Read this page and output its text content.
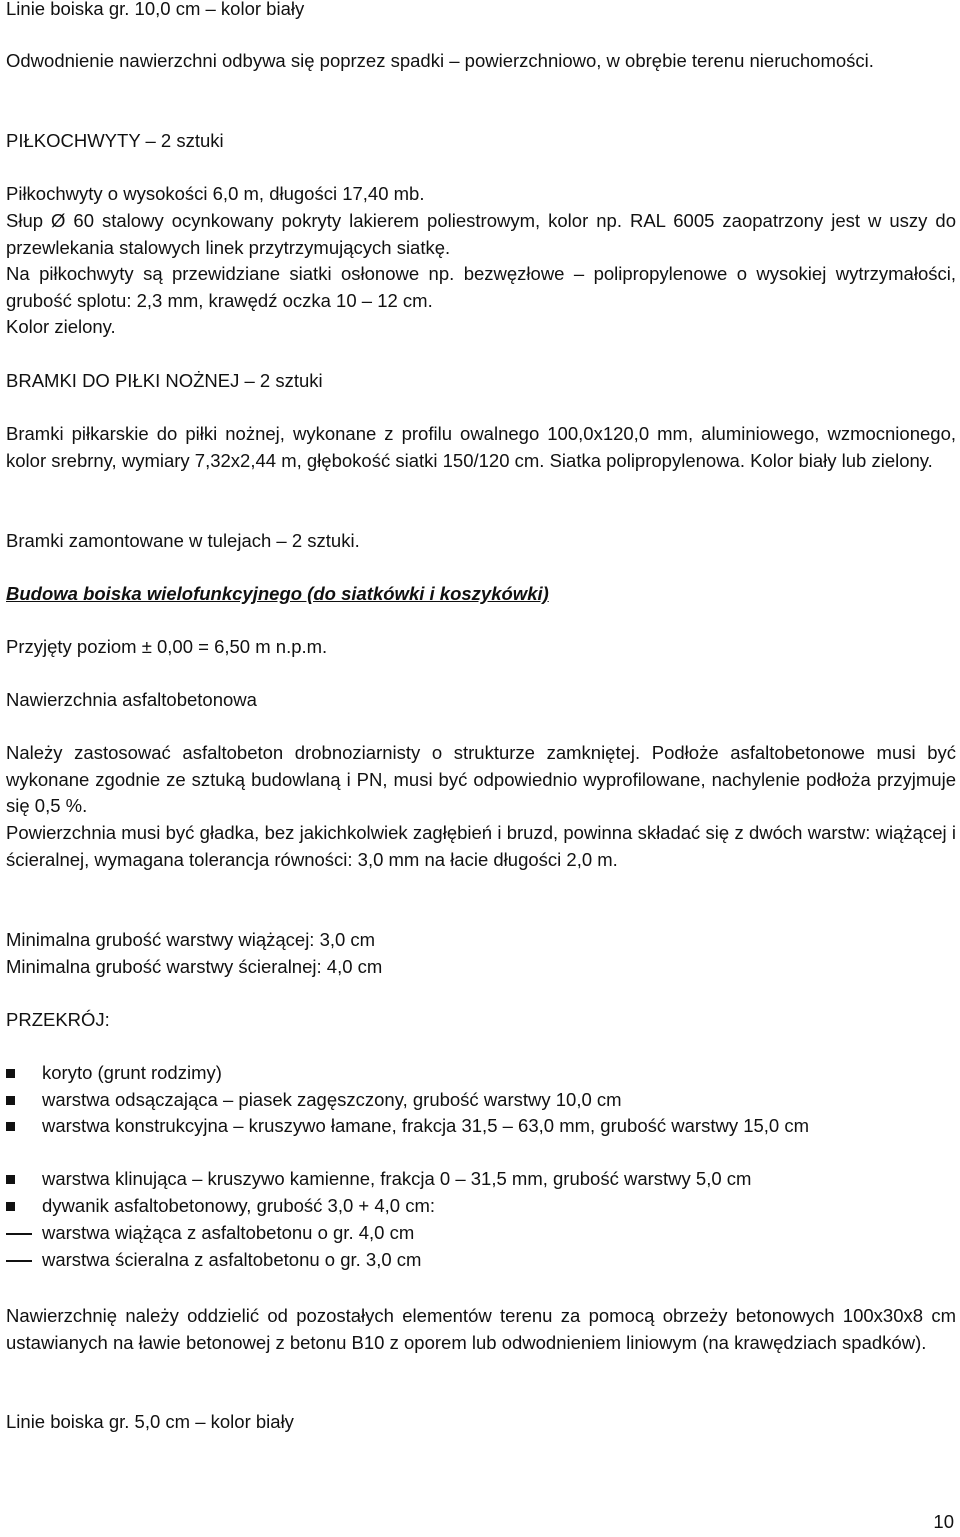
Linie boiska gr. 10,0 cm – kolor biały

Odwodnienie nawierzchni odbywa się poprzez spadki – powierzchniowo, w obrębie terenu nieruchomości.

PIŁKOCHWYTY – 2 sztuki

Piłkochwyty o wysokości 6,0 m, długości 17,40 mb.

Słup Ø 60 stalowy ocynkowany pokryty lakierem poliestrowym, kolor np. RAL 6005 zaopatrzony jest w uszy do przewlekania stalowych linek przytrzymujących siatkę.

Na piłkochwyty są przewidziane siatki osłonowe np. bezwęzłowe – polipropylenowe o wysokiej wytrzymałości, grubość splotu: 2,3 mm, krawędź oczka 10 – 12 cm.

Kolor zielony.

BRAMKI DO PIŁKI NOŻNEJ – 2 sztuki

Bramki piłkarskie do piłki nożnej, wykonane z profilu owalnego 100,0x120,0 mm, aluminiowego, wzmocnionego, kolor srebrny, wymiary 7,32x2,44 m, głębokość siatki 150/120 cm. Siatka polipropylenowa. Kolor biały lub zielony.

Bramki zamontowane w tulejach – 2 sztuki.

Budowa boiska wielofunkcyjnego (do siatkówki i koszykówki)

Przyjęty poziom ± 0,00 = 6,50 m n.p.m.

Nawierzchnia asfaltobetonowa

Należy zastosować asfaltobeton drobnoziarnisty o strukturze zamkniętej. Podłoże asfaltobetonowe musi być wykonane zgodnie ze sztuką budowlaną i PN, musi być odpowiednio wyprofilowane, nachylenie podłoża przyjmuje się 0,5 %.

Powierzchnia musi być gładka, bez jakichkolwiek zagłębień i bruzd, powinna składać się z dwóch warstw: wiążącej i ścieralnej, wymagana tolerancja równości: 3,0 mm na łacie długości 2,0 m.

Minimalna grubość warstwy wiążącej: 3,0 cm

Minimalna grubość warstwy ścieralnej: 4,0 cm

PRZEKRÓJ:

koryto (grunt rodzimy)
warstwa odsączająca – piasek zagęszczony, grubość warstwy 10,0 cm
warstwa konstrukcyjna – kruszywo łamane, frakcja 31,5 – 63,0 mm, grubość warstwy 15,0 cm
warstwa klinująca – kruszywo kamienne, frakcja 0 – 31,5 mm, grubość warstwy 5,0 cm
dywanik asfaltobetonowy, grubość 3,0 + 4,0 cm:
warstwa wiążąca z asfaltobetonu o gr. 4,0 cm
warstwa ścieralna z asfaltobetonu o gr. 3,0 cm

Nawierzchnię należy oddzielić od pozostałych elementów terenu za pomocą obrzeży betonowych 100x30x8 cm ustawianych na ławie betonowej z betonu B10 z oporem lub odwodnieniem liniowym (na krawędziach spadków).

Linie boiska gr. 5,0 cm – kolor biały

10
